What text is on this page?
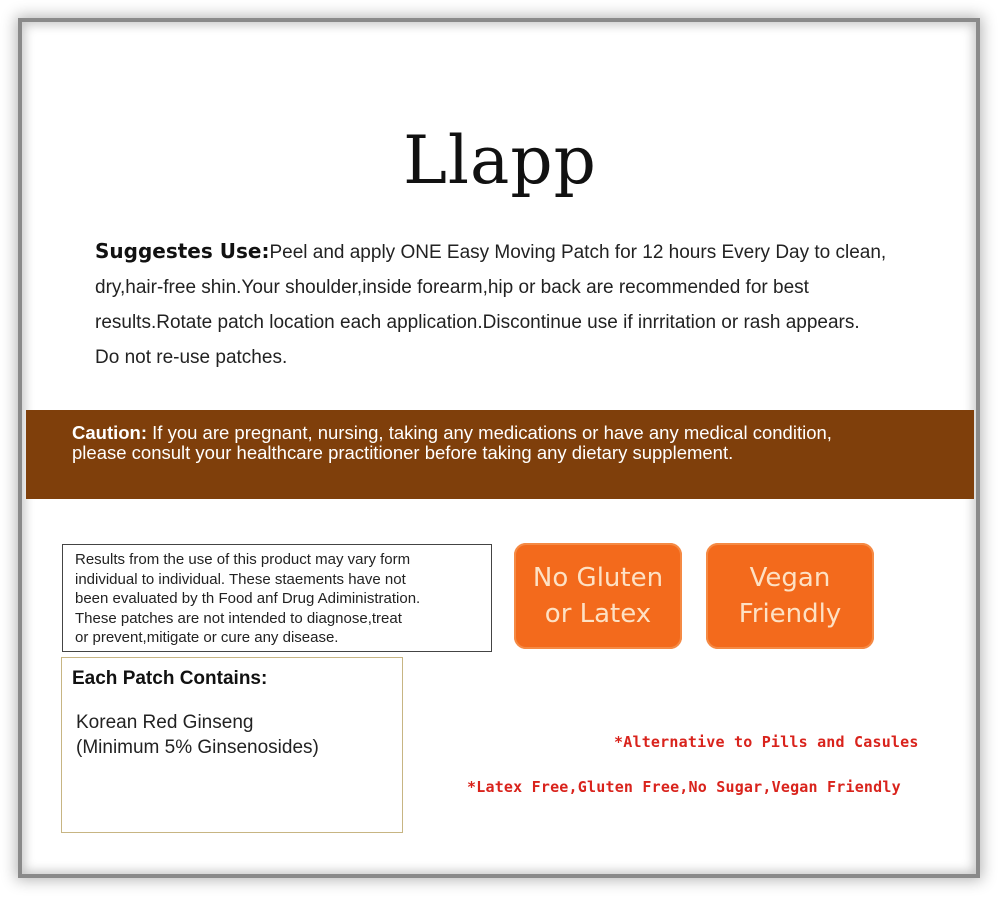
Llapp
Suggestes Use:Peel and apply ONE Easy Moving Patch for 12 hours Every Day to clean,
dry,hair-free shin.Your shoulder,inside forearm,hip or back are recommended for best
results.Rotate patch location each application.Discontinue use if inrritation or rash appears.
Do not re-use patches.
Caution: If you are pregnant, nursing, taking any medications or have any medical condition,
please consult your healthcare practitioner before taking any dietary supplement.
Results from the use of this product may vary form
individual to individual. These staements have not
been evaluated by th Food anf Drug Adiministration.
These patches are not intended to diagnose,treat
or prevent,mitigate or cure any disease.
Each Patch Contains:
Korean Red Ginseng
(Minimum 5% Ginsenosides)
No Gluten
or Latex
Vegan
Friendly
*Alternative to Pills and Casules
*Latex Free,Gluten Free,No Sugar,Vegan Friendly
